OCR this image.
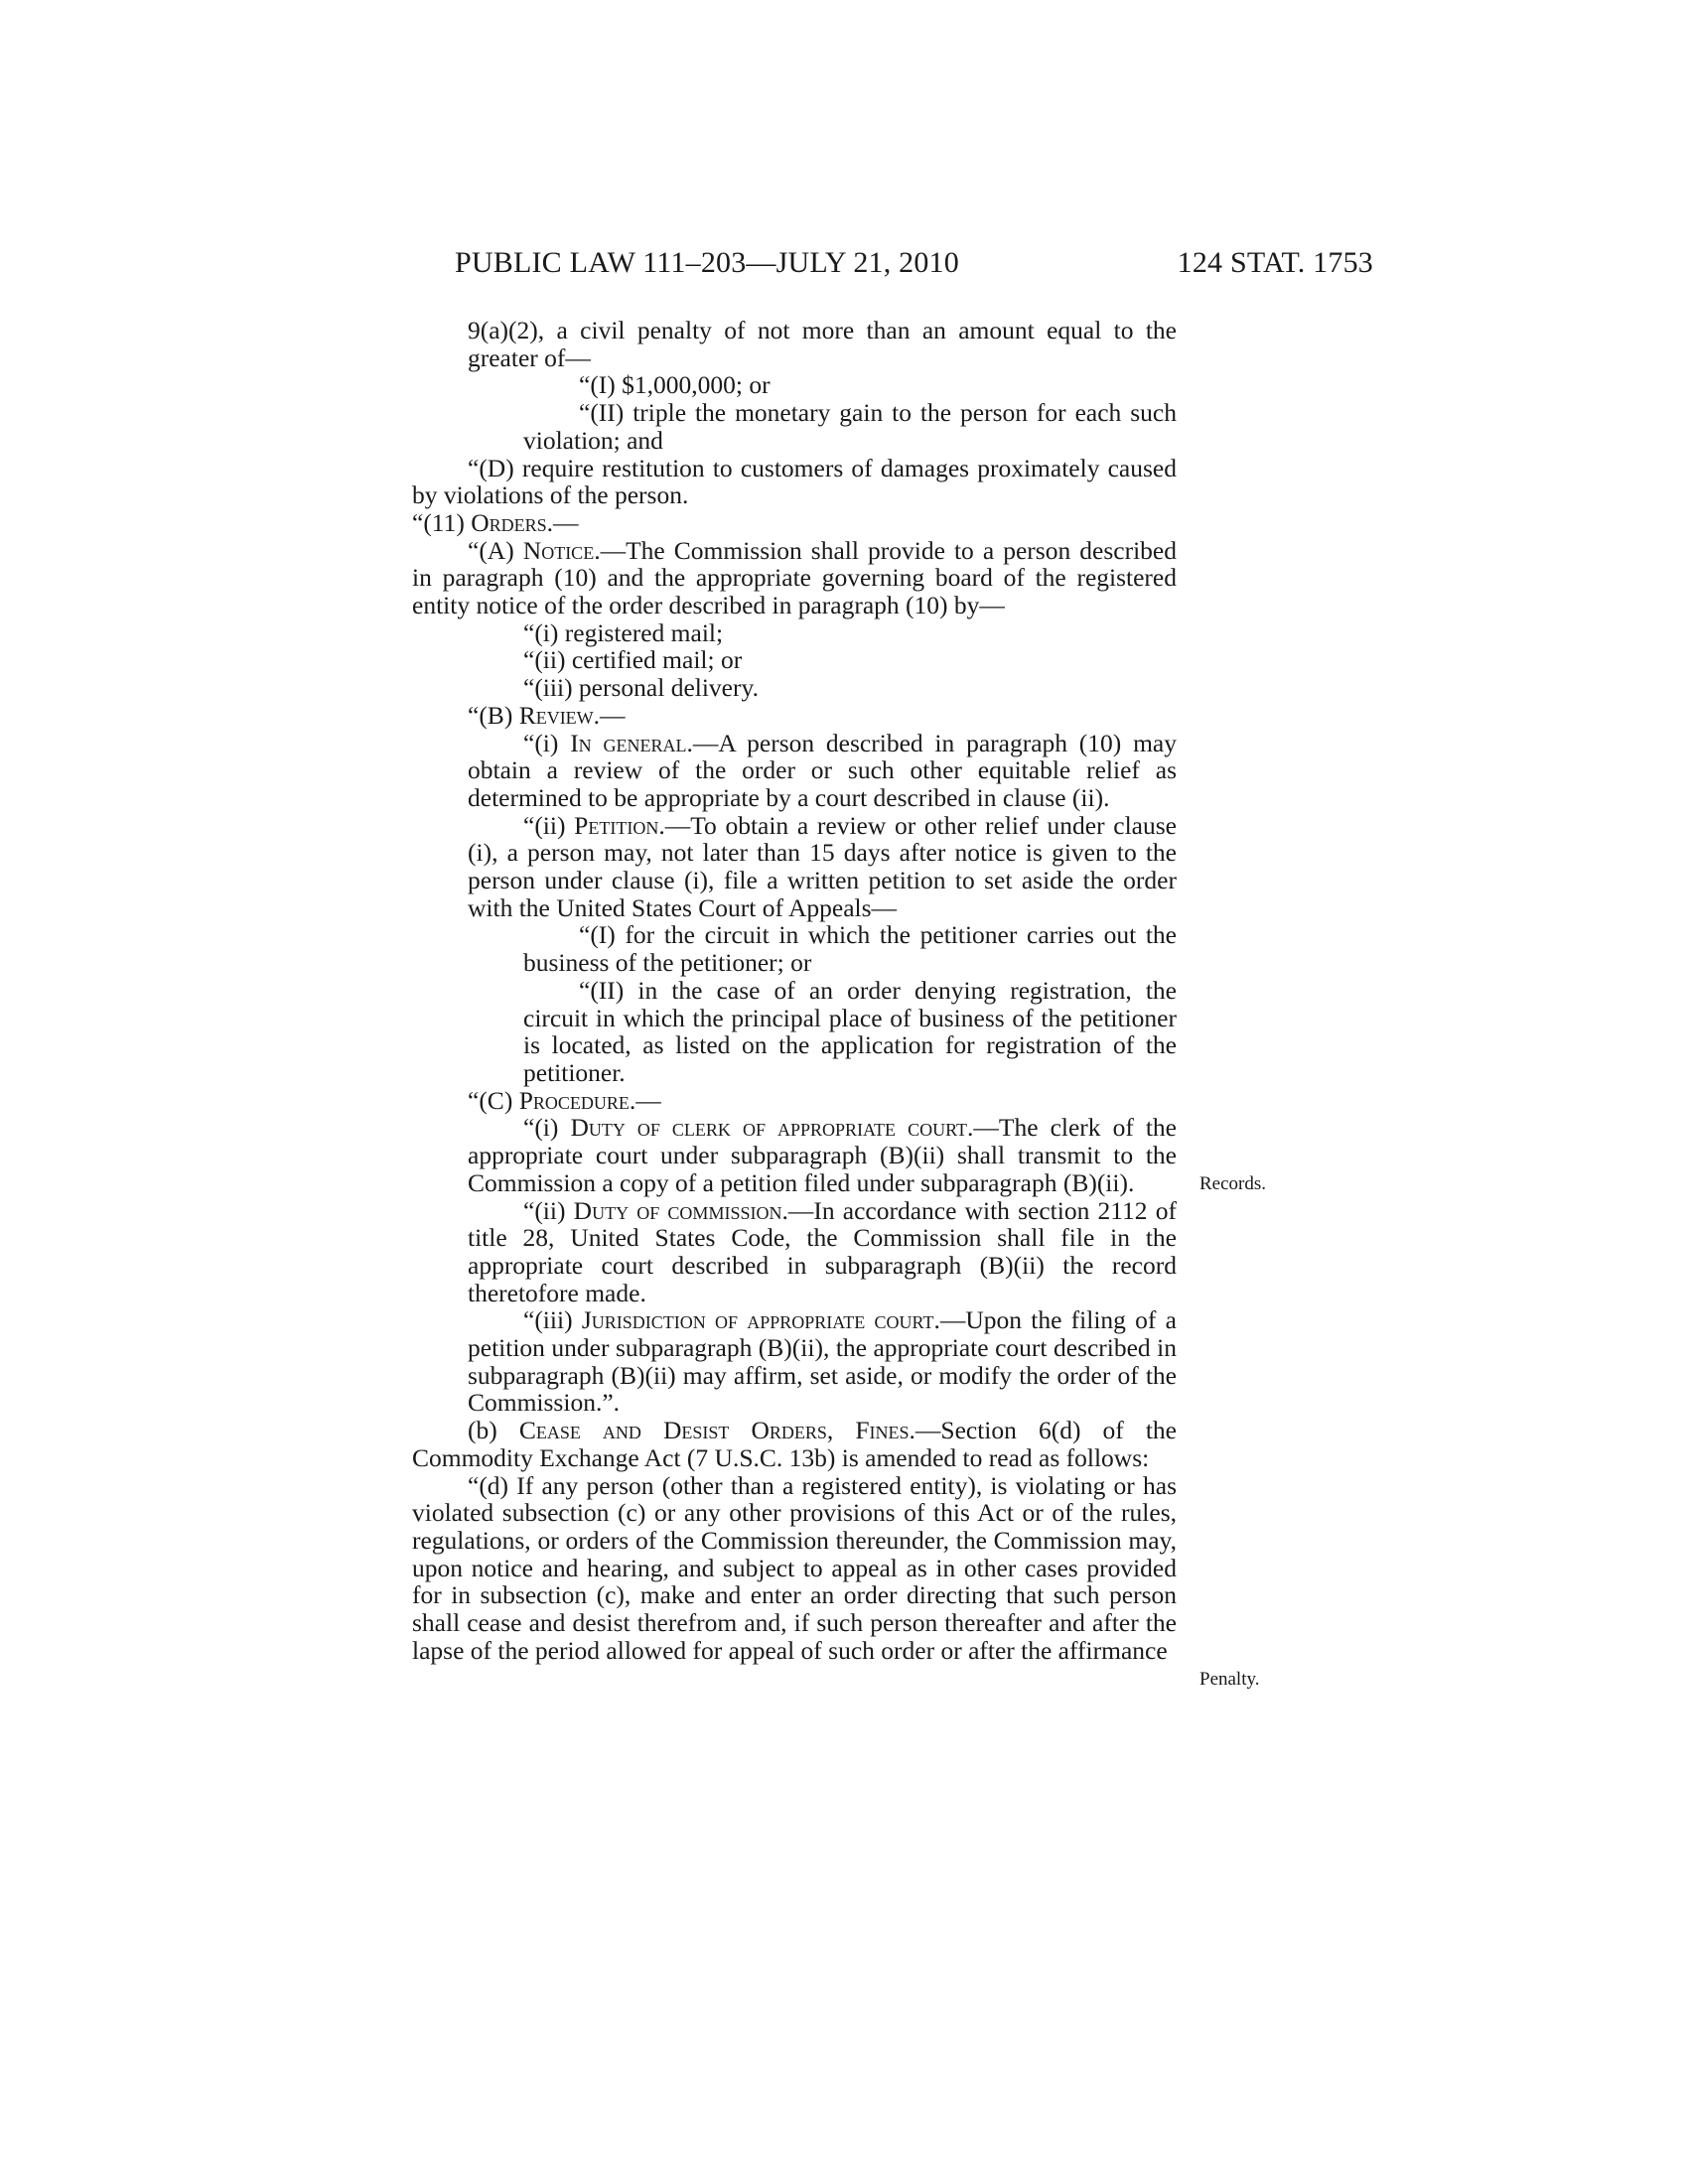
PUBLIC LAW 111–203—JULY 21, 2010	124 STAT. 1753
Records.
Penalty.

9(a)(2), a civil penalty of not more than an amount equal to the greater of—

“(I) $1,000,000; or

“(II) triple the monetary gain to the person for each such violation; and

“(D) require restitution to customers of damages proximately caused by violations of the person.

“(11) Orders.—

“(A) Notice.—The Commission shall provide to a person described in paragraph (10) and the appropriate governing board of the registered entity notice of the order described in paragraph (10) by—

“(i) registered mail;

“(ii) certified mail; or

“(iii) personal delivery.

“(B) Review.—

“(i) In general.—A person described in paragraph (10) may obtain a review of the order or such other equitable relief as determined to be appropriate by a court described in clause (ii).

“(ii) Petition.—To obtain a review or other relief under clause (i), a person may, not later than 15 days after notice is given to the person under clause (i), file a written petition to set aside the order with the United States Court of Appeals—

“(I) for the circuit in which the petitioner carries out the business of the petitioner; or

“(II) in the case of an order denying registration, the circuit in which the principal place of business of the petitioner is located, as listed on the application for registration of the petitioner.

“(C) Procedure.—

“(i) Duty of clerk of appropriate court.—The clerk of the appropriate court under subparagraph (B)(ii) shall transmit to the Commission a copy of a petition filed under subparagraph (B)(ii).

“(ii) Duty of commission.—In accordance with section 2112 of title 28, United States Code, the Commission shall file in the appropriate court described in subparagraph (B)(ii) the record theretofore made.

“(iii) Jurisdiction of appropriate court.—Upon the filing of a petition under subparagraph (B)(ii), the appropriate court described in subparagraph (B)(ii) may affirm, set aside, or modify the order of the Commission.”.

(b) Cease and Desist Orders, Fines.—Section 6(d) of the Commodity Exchange Act (7 U.S.C. 13b) is amended to read as follows:

“(d) If any person (other than a registered entity), is violating or has violated subsection (c) or any other provisions of this Act or of the rules, regulations, or orders of the Commission thereunder, the Commission may, upon notice and hearing, and subject to appeal as in other cases provided for in subsection (c), make and enter an order directing that such person shall cease and desist therefrom and, if such person thereafter and after the lapse of the period allowed for appeal of such order or after the affirmance
